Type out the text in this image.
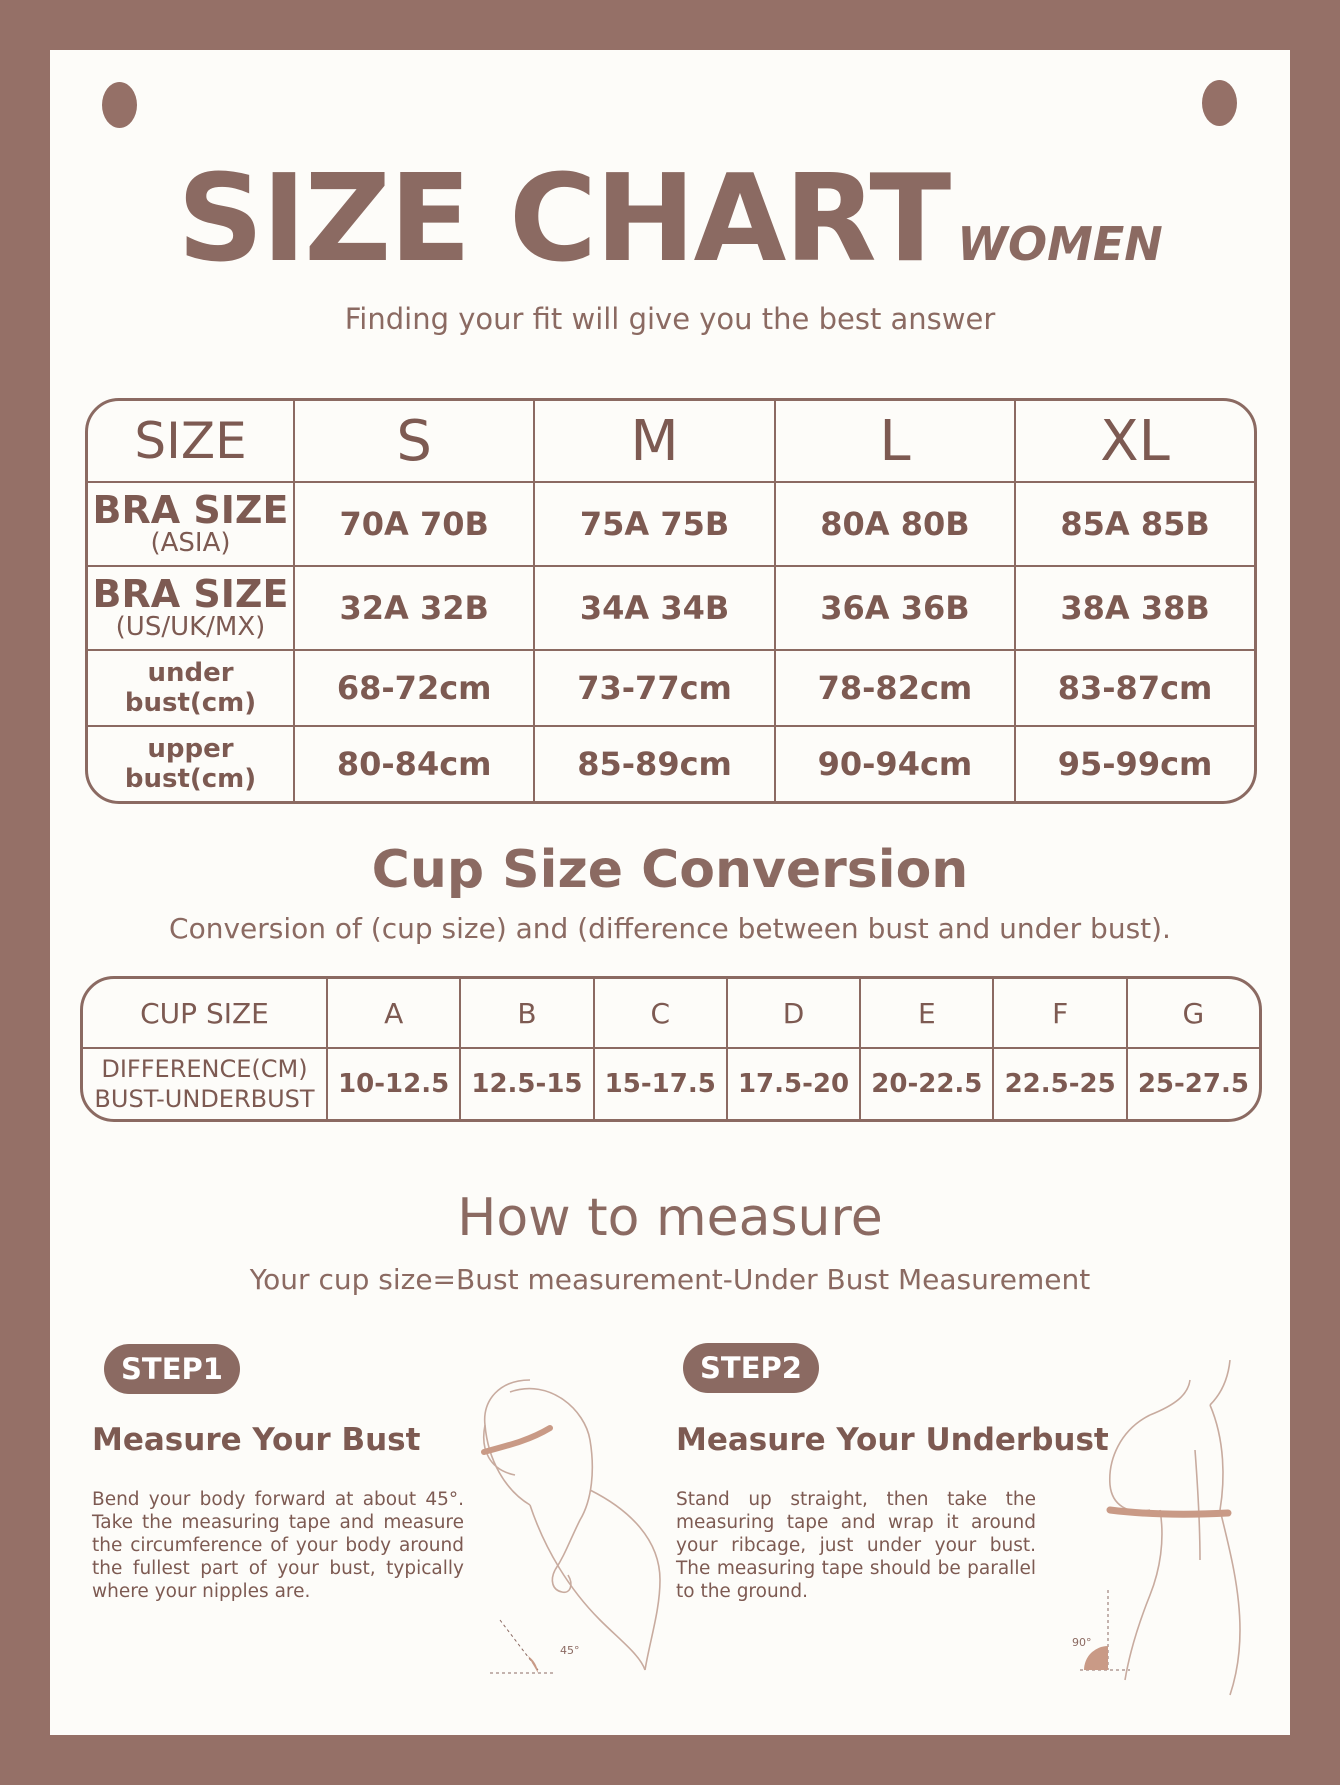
SIZE CHART WOMEN
Finding your fit will give you the best answer
SIZE	S	M	L	XL

BRA SIZE
(ASIA)	70A 70B	75A 75B	80A 80B	85A 85B

BRA SIZE
(US/UK/MX)	32A 32B	34A 34B	36A 36B	38A 38B
under bust(cm)	68-72cm	73-77cm	78-82cm	83-87cm
upper bust(cm)	80-84cm	85-89cm	90-94cm	95-99cm
Cup Size Conversion
Conversion of (cup size) and (difference between bust and under bust).
CUP SIZE	A	B	C	D	E	F	G

DIFFERENCE(CM)
BUST-UNDERBUST	10-12.5	12.5-15	15-17.5	17.5-20	20-22.5	22.5-25	25-27.5
How to measure
Your cup size=Bust measurement-Under Bust Measurement
STEP1
Measure Your Bust
Bend your body forward at about 45°. Take the measuring tape and measure the circumference of your body around the fullest part of your bust, typically where your nipples are.
45°
STEP2
Measure Your Underbust
Stand up straight, then take the measuring tape and wrap it around your ribcage, just under your bust. The measuring tape should be parallel to the ground.
90°
